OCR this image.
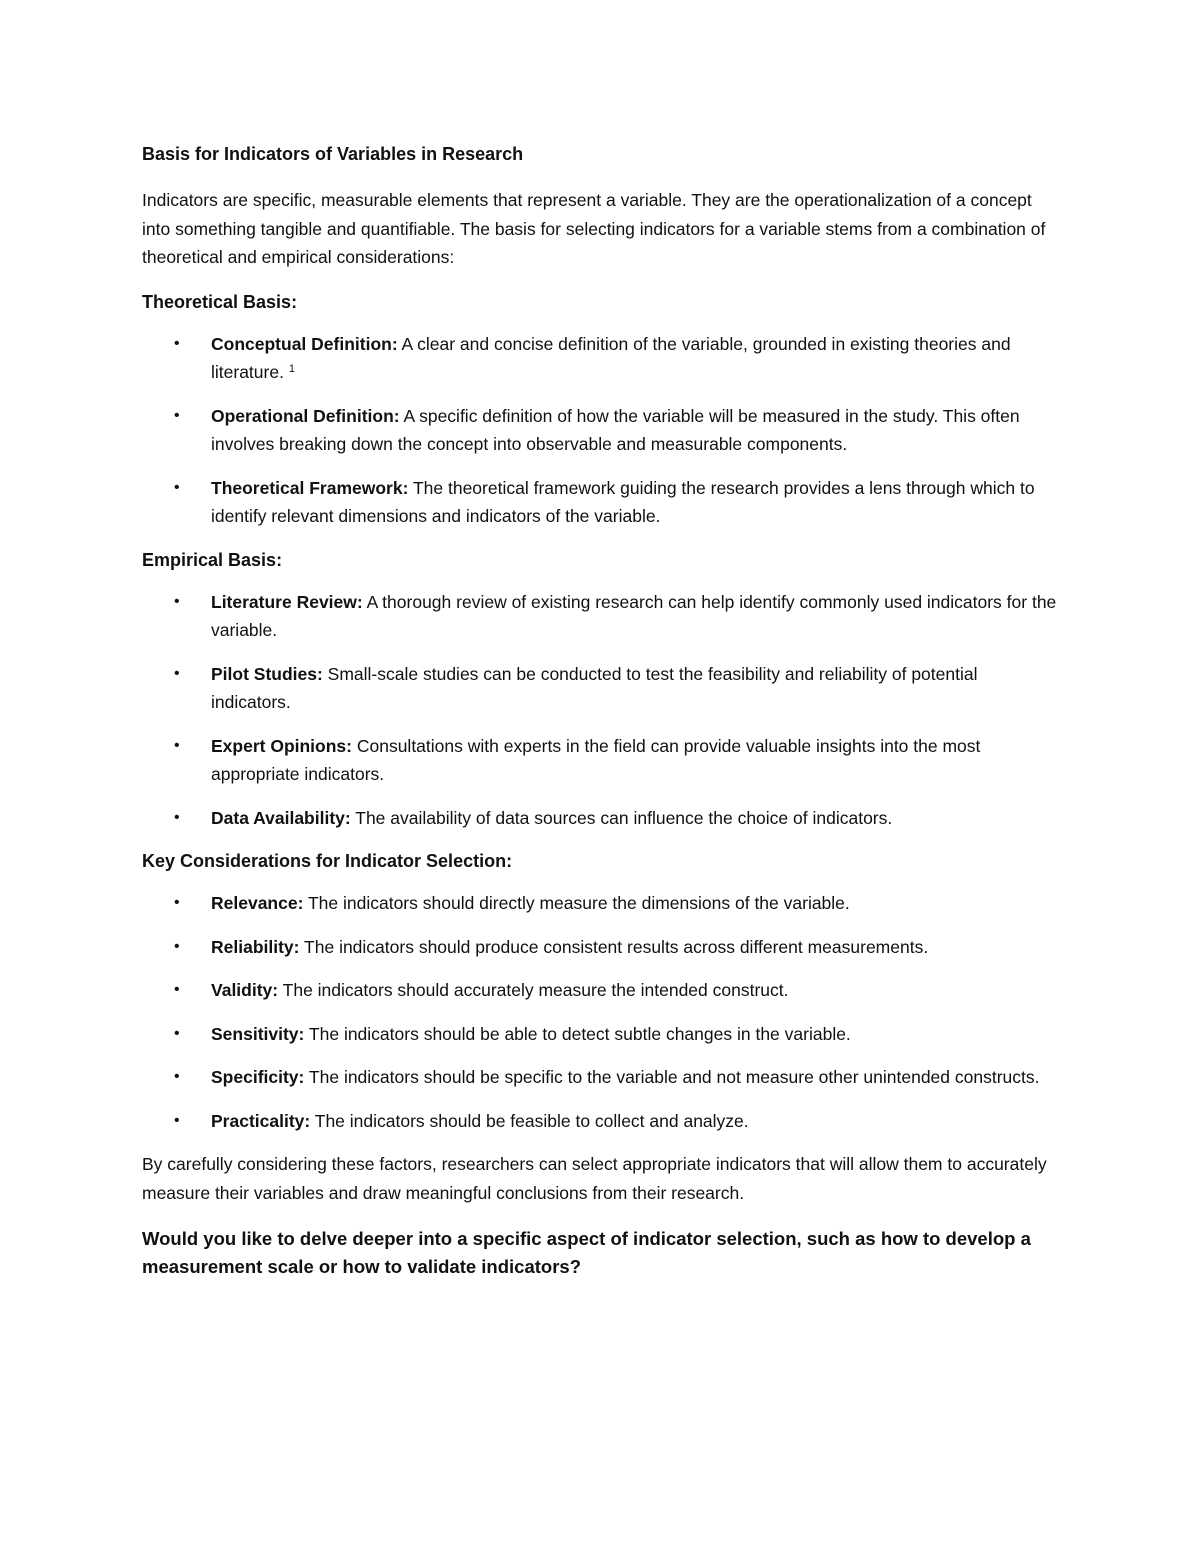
Basis for Indicators of Variables in Research
Indicators are specific, measurable elements that represent a variable. They are the operationalization of a concept into something tangible and quantifiable. The basis for selecting indicators for a variable stems from a combination of theoretical and empirical considerations:
Theoretical Basis:
• Conceptual Definition: A clear and concise definition of the variable, grounded in existing theories and literature. $^1$
• Operational Definition: A specific definition of how the variable will be measured in the study. This often involves breaking down the concept into observable and measurable components.
• Theoretical Framework: The theoretical framework guiding the research provides a lens through which to identify relevant dimensions and indicators of the variable.
Empirical Basis:
• Literature Review: A thorough review of existing research can help identify commonly used indicators for the variable.
• Pilot Studies: Small-scale studies can be conducted to test the feasibility and reliability of potential indicators.
• Expert Opinions: Consultations with experts in the field can provide valuable insights into the most appropriate indicators.
• Data Availability: The availability of data sources can influence the choice of indicators.
Key Considerations for Indicator Selection:
• Relevance: The indicators should directly measure the dimensions of the variable.
• Reliability: The indicators should produce consistent results across different measurements.
• Validity: The indicators should accurately measure the intended construct.
• Sensitivity: The indicators should be able to detect subtle changes in the variable.
• Specificity: The indicators should be specific to the variable and not measure other unintended constructs.
• Practicality: The indicators should be feasible to collect and analyze.
By carefully considering these factors, researchers can select appropriate indicators that will allow them to accurately measure their variables and draw meaningful conclusions from their research.
Would you like to delve deeper into a specific aspect of indicator selection, such as how to develop a measurement scale or how to validate indicators?
